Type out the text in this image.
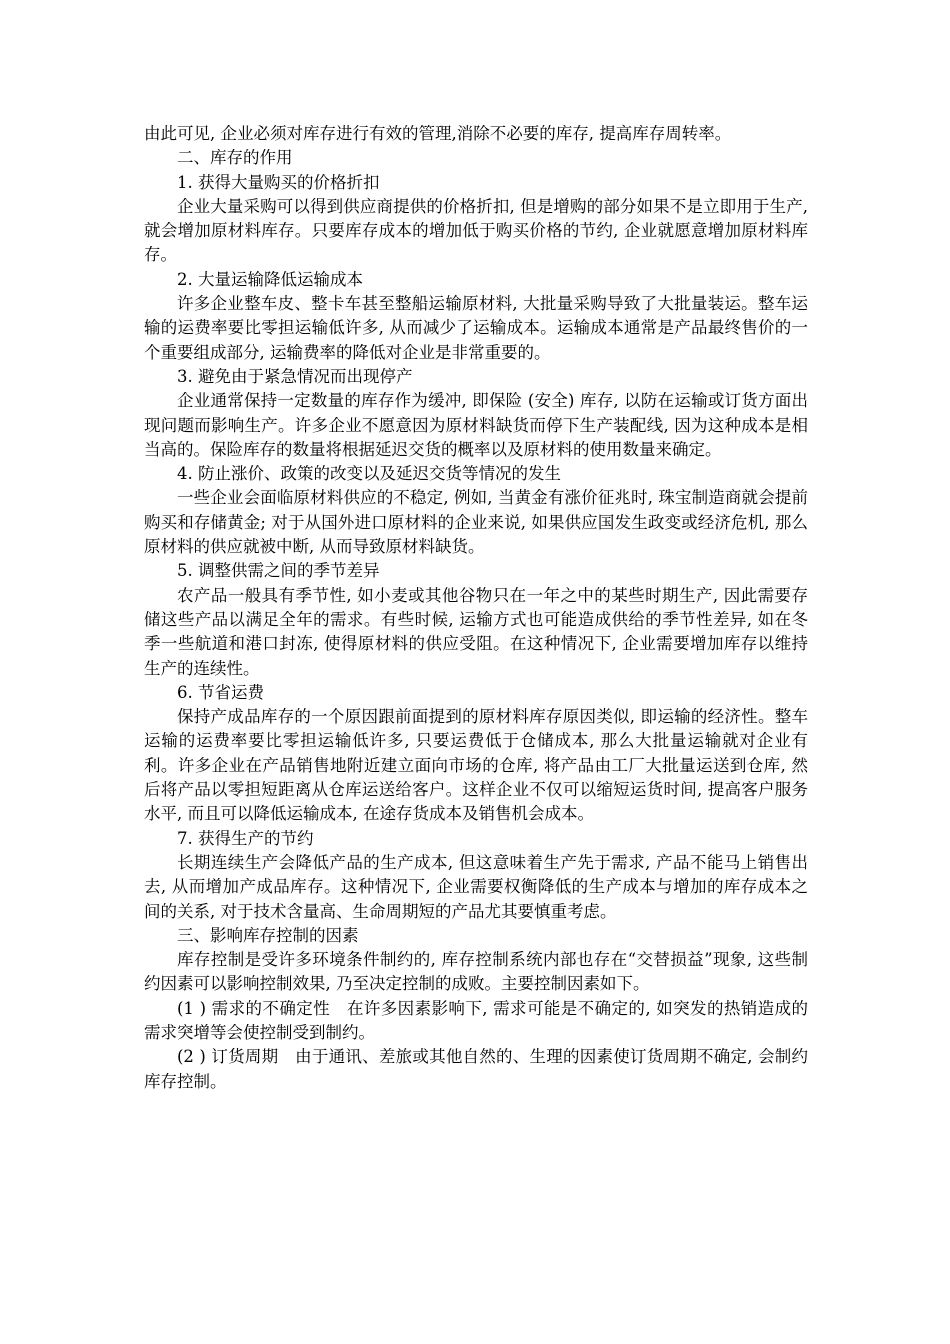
由此可见, 企业必须对库存进行有效的管理,消除不必要的库存, 提高库存周转率。

二、库存的作用

1. 获得大量购买的价格折扣

企业大量采购可以得到供应商提供的价格折扣, 但是增购的部分如果不是立即用于生产, 就会增加原材料库存。只要库存成本的增加低于购买价格的节约, 企业就愿意增加原材料库存。

2. 大量运输降低运输成本

许多企业整车皮、整卡车甚至整船运输原材料, 大批量采购导致了大批量装运。整车运输的运费率要比零担运输低许多, 从而减少了运输成本。运输成本通常是产品最终售价的一个重要组成部分, 运输费率的降低对企业是非常重要的。

3. 避免由于紧急情况而出现停产

企业通常保持一定数量的库存作为缓冲, 即保险 (安全) 库存, 以防在运输或订货方面出现问题而影响生产。许多企业不愿意因为原材料缺货而停下生产装配线, 因为这种成本是相当高的。保险库存的数量将根据延迟交货的概率以及原材料的使用数量来确定。

4. 防止涨价、政策的改变以及延迟交货等情况的发生

一些企业会面临原材料供应的不稳定, 例如, 当黄金有涨价征兆时, 珠宝制造商就会提前购买和存储黄金; 对于从国外进口原材料的企业来说, 如果供应国发生政变或经济危机, 那么原材料的供应就被中断, 从而导致原材料缺货。

5. 调整供需之间的季节差异

农产品一般具有季节性, 如小麦或其他谷物只在一年之中的某些时期生产, 因此需要存储这些产品以满足全年的需求。有些时候, 运输方式也可能造成供给的季节性差异, 如在冬季一些航道和港口封冻, 使得原材料的供应受阻。在这种情况下, 企业需要增加库存以维持生产的连续性。

6. 节省运费

保持产成品库存的一个原因跟前面提到的原材料库存原因类似, 即运输的经济性。整车运输的运费率要比零担运输低许多, 只要运费低于仓储成本, 那么大批量运输就对企业有利。许多企业在产品销售地附近建立面向市场的仓库, 将产品由工厂大批量运送到仓库, 然后将产品以零担短距离从仓库运送给客户。这样企业不仅可以缩短运货时间, 提高客户服务水平, 而且可以降低运输成本, 在途存货成本及销售机会成本。

7. 获得生产的节约

长期连续生产会降低产品的生产成本, 但这意味着生产先于需求, 产品不能马上销售出去, 从而增加产成品库存。这种情况下, 企业需要权衡降低的生产成本与增加的库存成本之间的关系, 对于技术含量高、生命周期短的产品尤其要慎重考虑。

三、影响库存控制的因素

库存控制是受许多环境条件制约的, 库存控制系统内部也存在“交替损益”现象, 这些制约因素可以影响控制效果, 乃至决定控制的成败。主要控制因素如下。

(1 ) 需求的不确定性　在许多因素影响下, 需求可能是不确定的, 如突发的热销造成的需求突增等会使控制受到制约。

(2 ) 订货周期　由于通讯、差旅或其他自然的、生理的因素使订货周期不确定, 会制约库存控制。
